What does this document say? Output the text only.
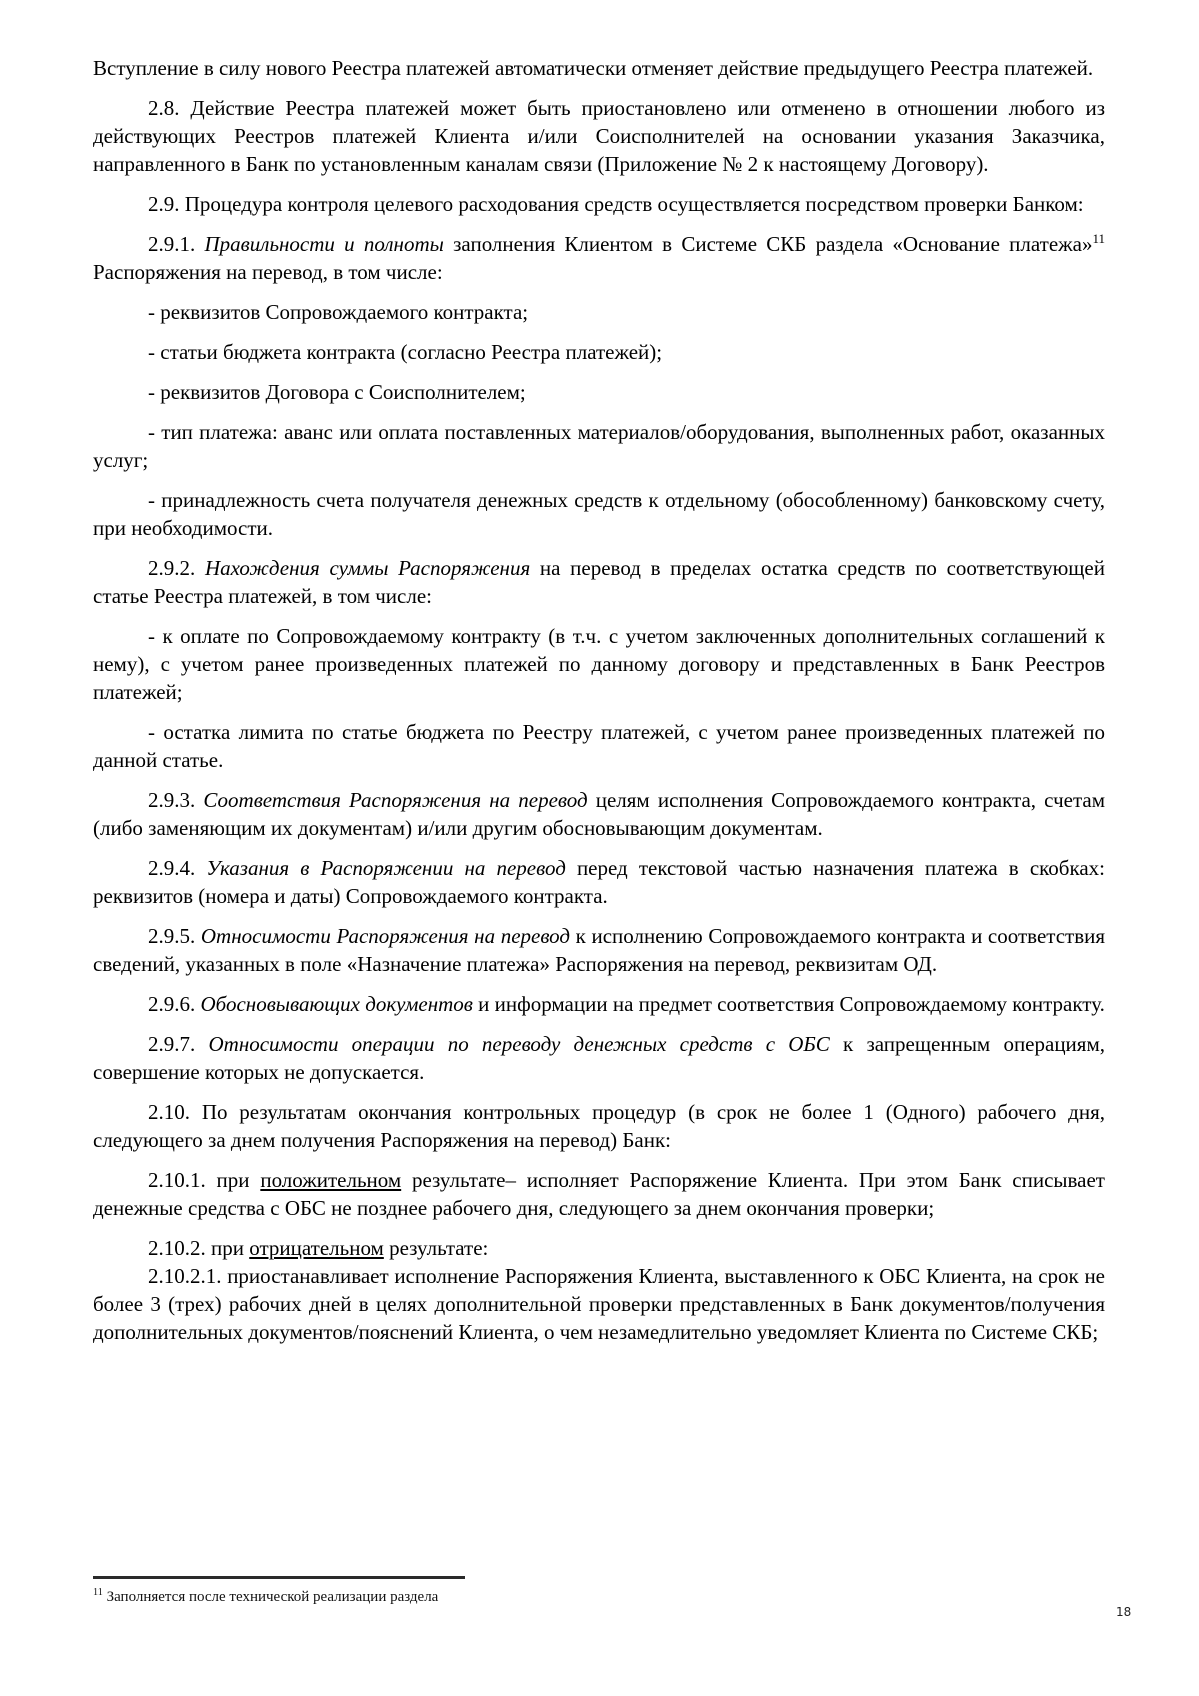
Вступление в силу нового Реестра платежей автоматически отменяет действие предыдущего Реестра платежей.

2.8. Действие Реестра платежей может быть приостановлено или отменено в отношении любого из действующих Реестров платежей Клиента и/или Соисполнителей на основании указания Заказчика, направленного в Банк по установленным каналам связи (Приложение № 2 к настоящему Договору).

2.9. Процедура контроля целевого расходования средств осуществляется посредством проверки Банком:

2.9.1. Правильности и полноты заполнения Клиентом в Системе СКБ раздела «Основание платежа»$^{11}$ Распоряжения на перевод, в том числе:

- реквизитов Сопровождаемого контракта;

- статьи бюджета контракта (согласно Реестра платежей);

- реквизитов Договора с Соисполнителем;

- тип платежа: аванс или оплата поставленных материалов/оборудования, выполненных работ, оказанных услуг;

- принадлежность счета получателя денежных средств к отдельному (обособленному) банковскому счету, при необходимости.

2.9.2. Нахождения суммы Распоряжения на перевод в пределах остатка средств по соответствующей статье Реестра платежей, в том числе:

- к оплате по Сопровождаемому контракту (в т.ч. с учетом заключенных дополнительных соглашений к нему), с учетом ранее произведенных платежей по данному договору и представленных в Банк Реестров платежей;

- остатка лимита по статье бюджета по Реестру платежей, с учетом ранее произведенных платежей по данной статье.

2.9.3. Соответствия Распоряжения на перевод целям исполнения Сопровождаемого контракта, счетам (либо заменяющим их документам) и/или другим обосновывающим документам.

2.9.4. Указания в Распоряжении на перевод перед текстовой частью назначения платежа в скобках: реквизитов (номера и даты) Сопровождаемого контракта.

2.9.5. Относимости Распоряжения на перевод к исполнению Сопровождаемого контракта и соответствия сведений, указанных в поле «Назначение платежа» Распоряжения на перевод, реквизитам ОД.

2.9.6. Обосновывающих документов и информации на предмет соответствия Сопровождаемому контракту.

2.9.7. Относимости операции по переводу денежных средств с ОБС к запрещенным операциям, совершение которых не допускается.

2.10. По результатам окончания контрольных процедур (в срок не более 1 (Одного) рабочего дня, следующего за днем получения Распоряжения на перевод) Банк:

2.10.1. при положительном результате– исполняет Распоряжение Клиента. При этом Банк списывает денежные средства с ОБС не позднее рабочего дня, следующего за днем окончания проверки;

2.10.2. при отрицательном результате:

2.10.2.1. приостанавливает исполнение Распоряжения Клиента, выставленного к ОБС Клиента, на срок не более 3 (трех) рабочих дней в целях дополнительной проверки представленных в Банк документов/получения дополнительных документов/пояснений Клиента, о чем незамедлительно уведомляет Клиента по Системе СКБ;

$^{11}$ Заполняется после технической реализации раздела
18
